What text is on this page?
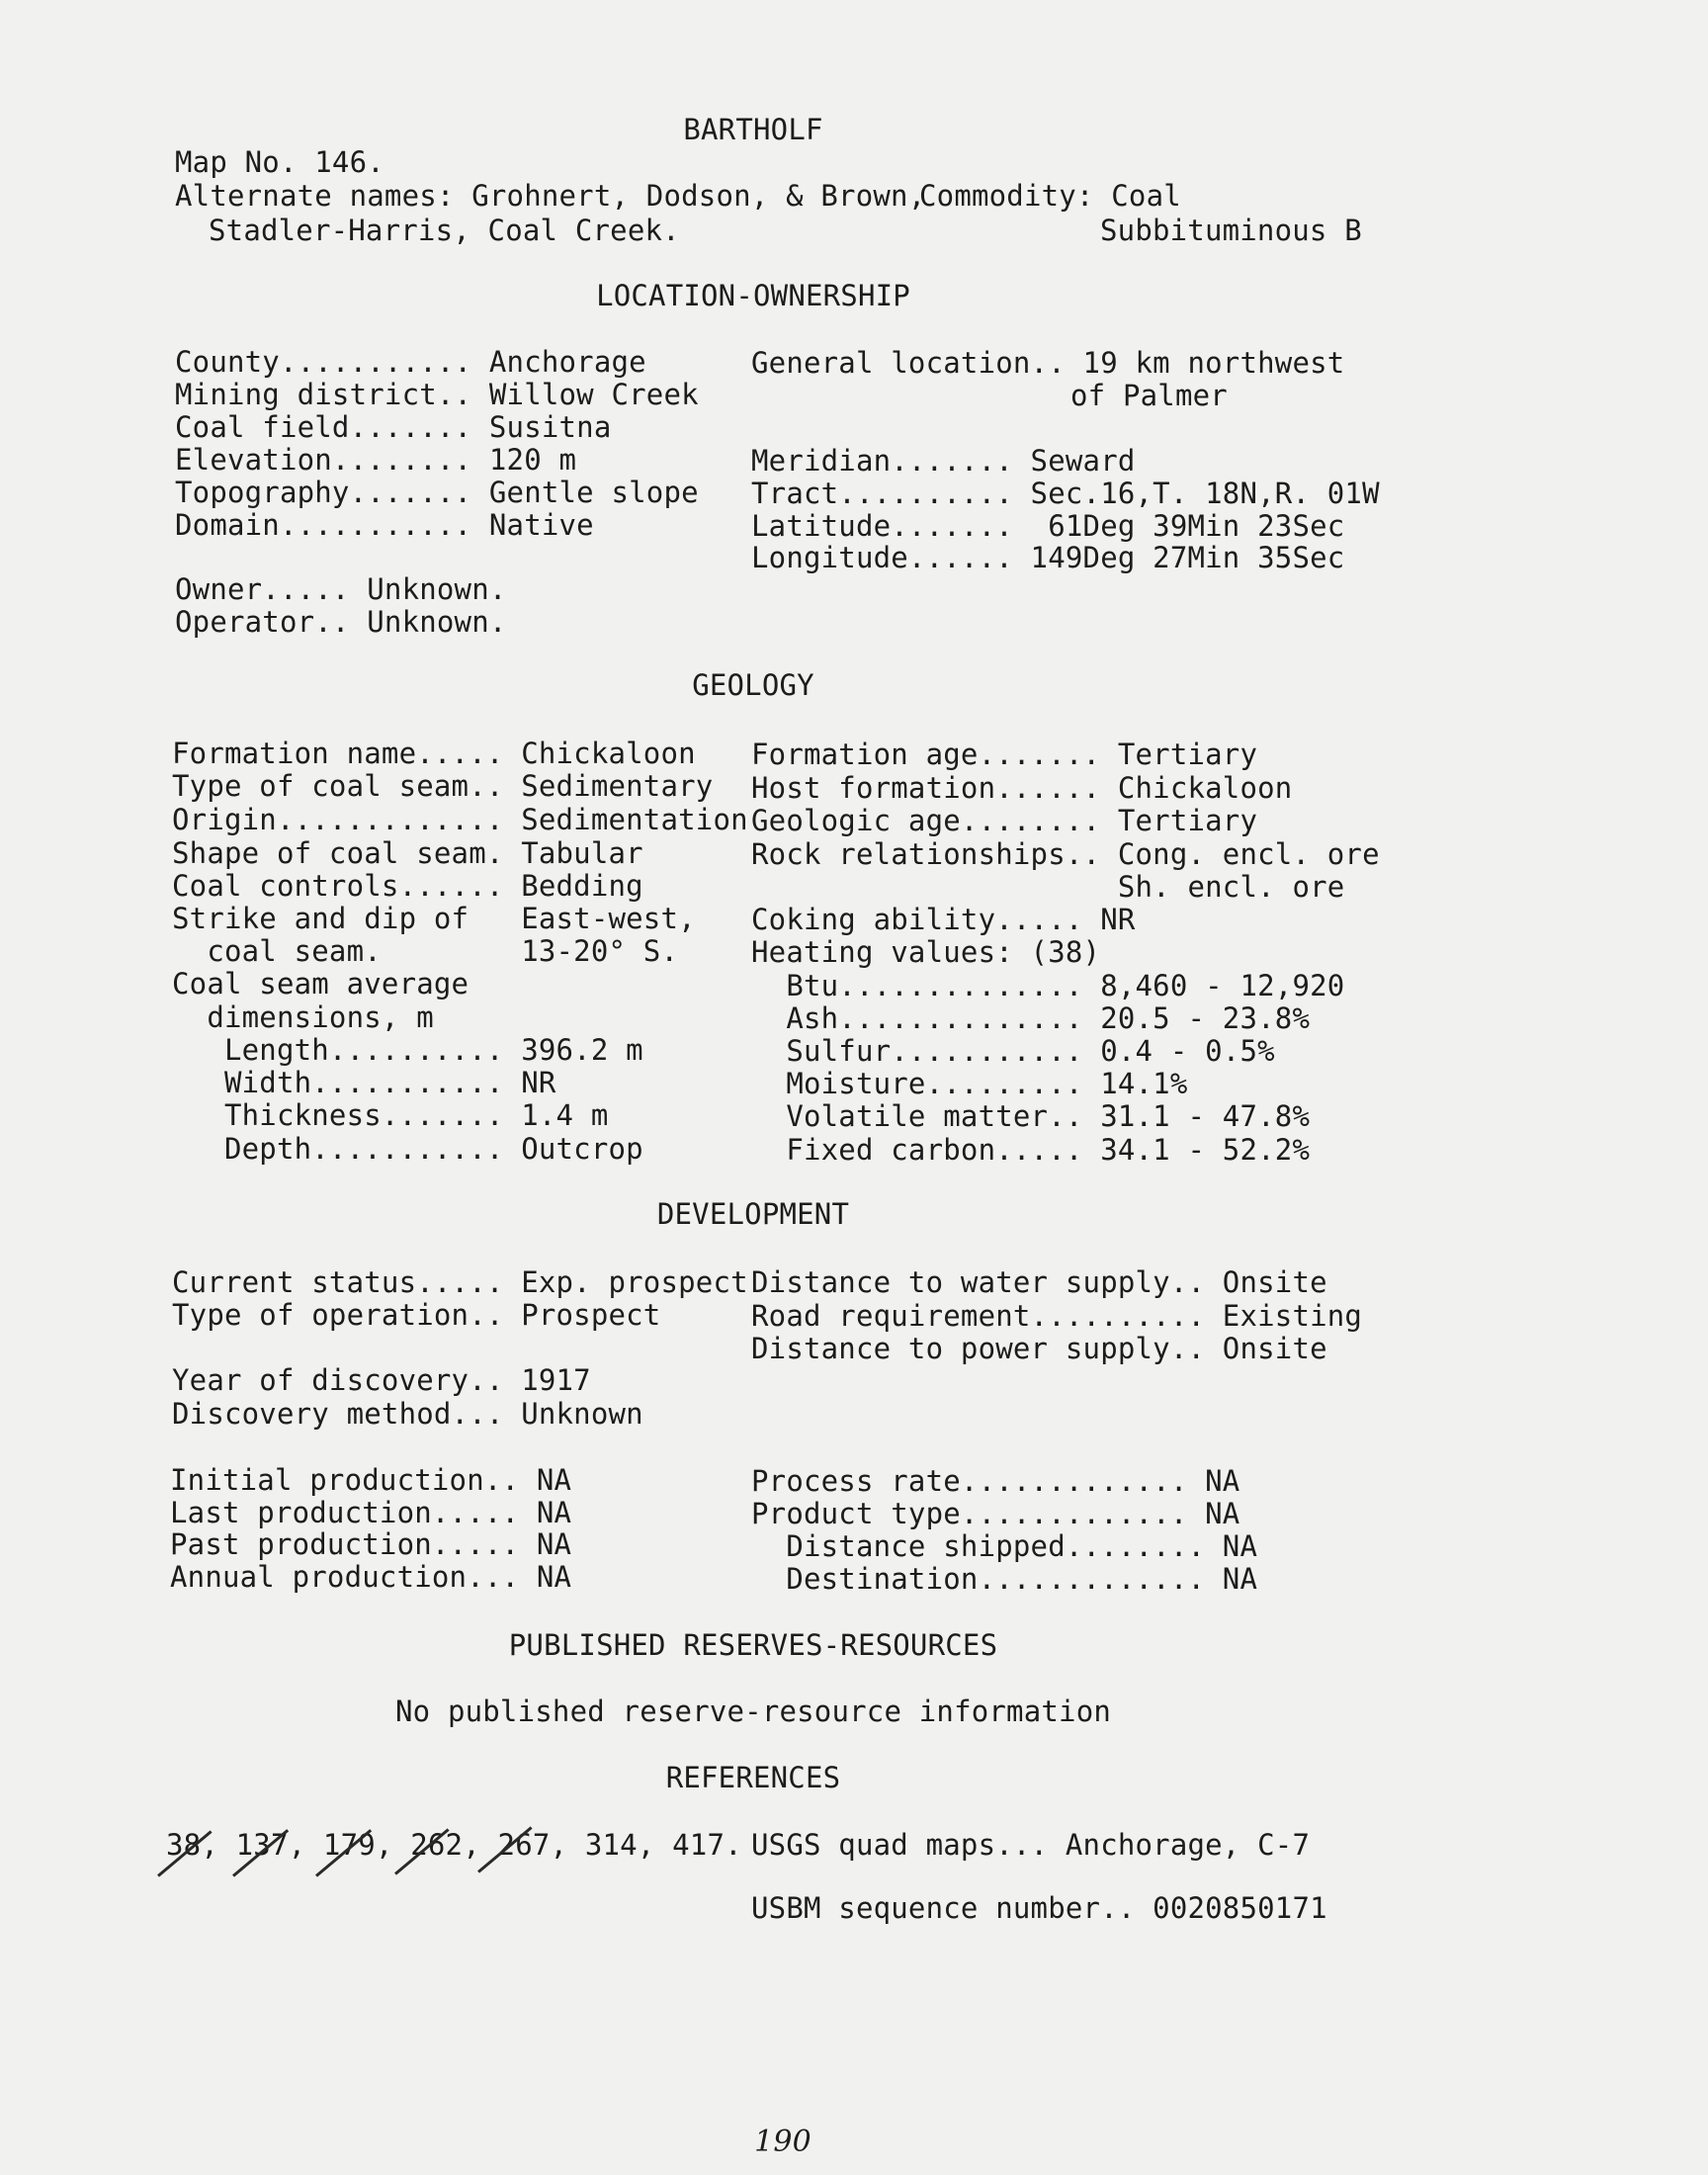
BARTHOLF
Map No. 146.
Alternate names: Grohnert, Dodson, & Brown,
Commodity: Coal
Stadler-Harris, Coal Creek.	Subbituminous B
LOCATION-OWNERSHIP
County........... Anchorage
Mining district.. Willow Creek
Coal field....... Susitna
Elevation........ 120 m
Topography....... Gentle slope
Domain........... Native
General location.. 19 km northwest
of Palmer
Meridian....... Seward
Tract.......... Sec.16,T. 18N,R. 01W
Latitude.......  61Deg 39Min 23Sec
Longitude...... 149Deg 27Min 35Sec
Owner..... Unknown.
Operator.. Unknown.
GEOLOGY
Formation name..... Chickaloon
Type of coal seam.. Sedimentary
Origin............. Sedimentation
Shape of coal seam. Tabular
Coal controls...... Bedding
Strike and dip of   East-west,
coal seam.        13-20° S.
Coal seam average
dimensions, m
Length.......... 396.2 m
Width........... NR
Thickness....... 1.4 m
Depth........... Outcrop
Formation age....... Tertiary
Host formation...... Chickaloon
Geologic age........ Tertiary
Rock relationships.. Cong. encl. ore
Sh. encl. ore
Coking ability..... NR
Heating values: (38)
Btu.............. 8,460 - 12,920
Ash.............. 20.5 - 23.8%
Sulfur........... 0.4 - 0.5%
Moisture......... 14.1%
Volatile matter.. 31.1 - 47.8%
Fixed carbon..... 34.1 - 52.2%
DEVELOPMENT
Current status..... Exp. prospect
Type of operation.. Prospect
Distance to water supply.. Onsite
Road requirement.......... Existing
Distance to power supply.. Onsite
Year of discovery.. 1917
Discovery method... Unknown
Initial production.. NA
Last production..... NA
Past production..... NA
Annual production... NA
Process rate............. NA
Product type............. NA
Distance shipped........ NA
Destination............. NA
PUBLISHED RESERVES-RESOURCES
No published reserve-resource information
REFERENCES
38, 137, 179, 262, 267, 314, 417. USGS quad maps... Anchorage, C-7
USBM sequence number.. 0020850171
190
